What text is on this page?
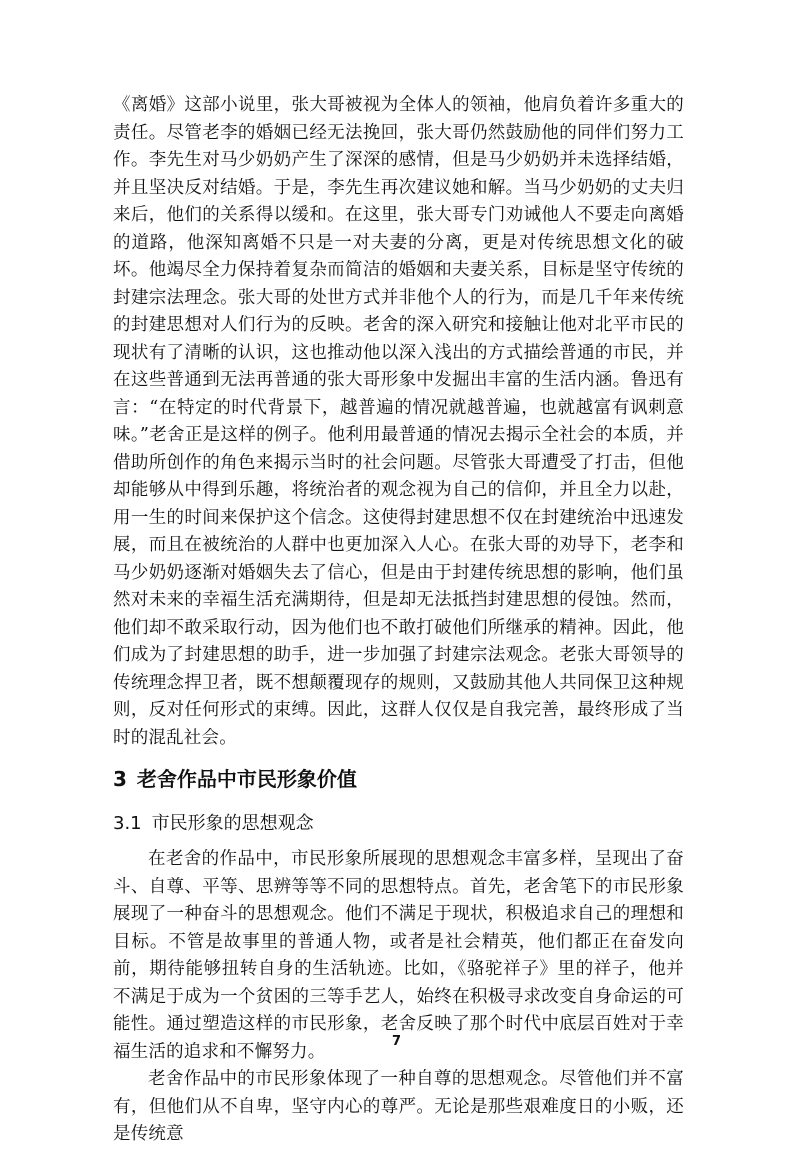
《离婚》这部小说里，张大哥被视为全体人的领袖，他肩负着许多重大的责任。尽管老李的婚姻已经无法挽回，张大哥仍然鼓励他的同伴们努力工作。李先生对马少奶奶产生了深深的感情，但是马少奶奶并未选择结婚，并且坚决反对结婚。于是，李先生再次建议她和解。当马少奶奶的丈夫归来后，他们的关系得以缓和。在这里，张大哥专门劝诫他人不要走向离婚的道路，他深知离婚不只是一对夫妻的分离，更是对传统思想文化的破坏。他竭尽全力保持着复杂而简洁的婚姻和夫妻关系，目标是坚守传统的封建宗法理念。张大哥的处世方式并非他个人的行为，而是几千年来传统的封建思想对人们行为的反映。老舍的深入研究和接触让他对北平市民的现状有了清晰的认识，这也推动他以深入浅出的方式描绘普通的市民，并在这些普通到无法再普通的张大哥形象中发掘出丰富的生活内涵。鲁迅有言：“在特定的时代背景下，越普遍的情况就越普遍，也就越富有讽刺意味。”老舍正是这样的例子。他利用最普通的情况去揭示全社会的本质，并借助所创作的角色来揭示当时的社会问题。尽管张大哥遭受了打击，但他却能够从中得到乐趣，将统治者的观念视为自己的信仰，并且全力以赴，用一生的时间来保护这个信念。这使得封建思想不仅在封建统治中迅速发展，而且在被统治的人群中也更加深入人心。在张大哥的劝导下，老李和马少奶奶逐渐对婚姻失去了信心，但是由于封建传统思想的影响，他们虽然对未来的幸福生活充满期待，但是却无法抵挡封建思想的侵蚀。然而，他们却不敢采取行动，因为他们也不敢打破他们所继承的精神。因此，他们成为了封建思想的助手，进一步加强了封建宗法观念。老张大哥领导的传统理念捍卫者，既不想颠覆现存的规则，又鼓励其他人共同保卫这种规则，反对任何形式的束缚。因此，这群人仅仅是自我完善，最终形成了当时的混乱社会。

3 老舍作品中市民形象价值
3.1 市民形象的思想观念

在老舍的作品中，市民形象所展现的思想观念丰富多样，呈现出了奋斗、自尊、平等、思辨等等不同的思想特点。首先，老舍笔下的市民形象展现了一种奋斗的思想观念。他们不满足于现状，积极追求自己的理想和目标。不管是故事里的普通人物，或者是社会精英，他们都正在奋发向前，期待能够扭转自身的生活轨迹。比如，《骆驼祥子》里的祥子，他并不满足于成为一个贫困的三等手艺人，始终在积极寻求改变自身命运的可能性。通过塑造这样的市民形象，老舍反映了那个时代中底层百姓对于幸福生活的追求和不懈努力。

老舍作品中的市民形象体现了一种自尊的思想观念。尽管他们并不富有，但他们从不自卑，坚守内心的尊严。无论是那些艰难度日的小贩，还是传统意

7
